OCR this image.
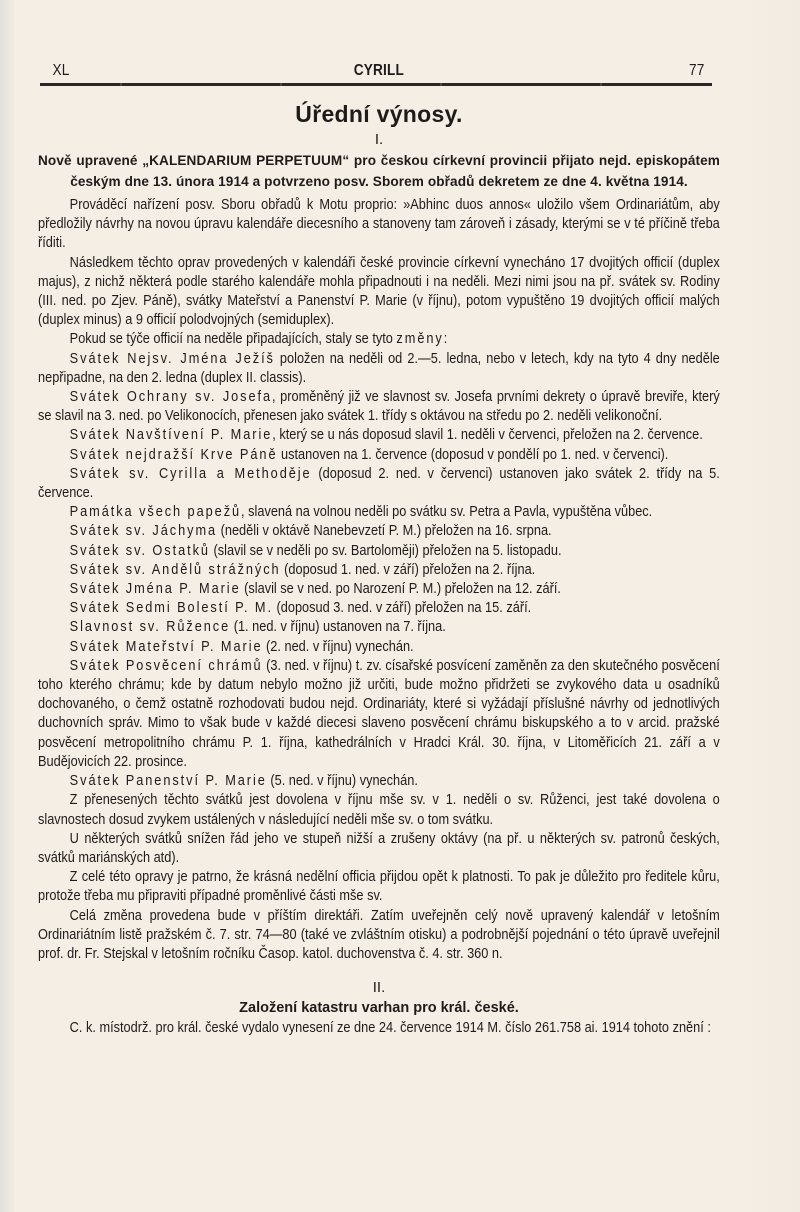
XL	CYRILL	77
Úřední výnosy.
I.
Nově upravené „KALENDARIUM PERPETUUM“ pro českou církevní provincii přijato nejd. episkopátem českým dne 13. února 1914 a potvrzeno posv. Sborem obřadů dekretem ze dne 4. května 1914.

Prováděcí nařízení posv. Sboru obřadů k Motu proprio: »Abhinc duos annos« uložilo všem Ordinariátům, aby předložily návrhy na novou úpravu kalendáře diecesního a stanoveny tam zároveň i zásady, kterými se v té příčině třeba říditi.

Následkem těchto oprav provedených v kalendáři české provincie církevní vynecháno 17 dvojitých officií (duplex majus), z nichž některá podle starého kalendáře mohla připadnouti i na neděli. Mezi nimi jsou na př. svátek sv. Rodiny (III. ned. po Zjev. Páně), svátky Mateřství a Panenství P. Marie (v říjnu), potom vypuštěno 19 dvojitých officií malých (duplex minus) a 9 officií polodvojných (semiduplex).

Pokud se týče officií na neděle připadajících, staly se tyto změny:

Svátek Nejsv. Jména Ježíš položen na neděli od 2.—5. ledna, nebo v letech, kdy na tyto 4 dny neděle nepřipadne, na den 2. ledna (duplex II. classis).

Svátek Ochrany sv. Josefa, proměněný již ve slavnost sv. Josefa prvními dekrety o úpravě breviře, který se slavil na 3. ned. po Velikonocích, přenesen jako svátek 1. třídy s oktávou na středu po 2. neděli velikonoční.

Svátek Navštívení P. Marie, který se u nás doposud slavil 1. neděli v červenci, přeložen na 2. července.

Svátek nejdražší Krve Páně ustanoven na 1. července (doposud v pondělí po 1. ned. v červenci).

Svátek sv. Cyrilla a Methoděje (doposud 2. ned. v červenci) ustanoven jako svátek 2. třídy na 5. července.

Památka všech papežů, slavená na volnou neděli po svátku sv. Petra a Pavla, vypuštěna vůbec.

Svátek sv. Jáchyma (neděli v oktávě Nanebevzetí P. M.) přeložen na 16. srpna.

Svátek sv. Ostatků (slavil se v neděli po sv. Bartoloměji) přeložen na 5. listopadu.

Svátek sv. Andělů strážných (doposud 1. ned. v září) přeložen na 2. října.

Svátek Jména P. Marie (slavil se v ned. po Narození P. M.) přeložen na 12. září.

Svátek Sedmi Bolestí P. M. (doposud 3. ned. v září) přeložen na 15. září.

Slavnost sv. Růžence (1. ned. v říjnu) ustanoven na 7. října.

Svátek Mateřství P. Marie (2. ned. v říjnu) vynechán.

Svátek Posvěcení chrámů (3. ned. v říjnu) t. zv. císařské posvícení zaměněn za den skutečného posvěcení toho kterého chrámu; kde by datum nebylo možno již určiti, bude možno přidržeti se zvykového data u osadníků dochovaného, o čemž ostatně rozhodovati budou nejd. Ordinariáty, které si vyžádají příslušné návrhy od jednotlivých duchovních správ. Mimo to však bude v každé diecesi slaveno posvěcení chrámu biskupského a to v arcid. pražské posvěcení metropolitního chrámu P. 1. října, kathedrálních v Hradci Král. 30. října, v Litoměřicích 21. září a v Budějovicích 22. prosince.

Svátek Panenství P. Marie (5. ned. v říjnu) vynechán.

Z přenesených těchto svátků jest dovolena v říjnu mše sv. v 1. neděli o sv. Růženci, jest také dovolena o slavnostech dosud zvykem ustálených v následující neděli mše sv. o tom svátku.

U některých svátků snížen řád jeho ve stupeň nižší a zrušeny oktávy (na př. u některých sv. patronů českých, svátků mariánských atd).

Z celé této opravy je patrno, že krásná nedělní officia přijdou opět k platnosti. To pak je důležito pro ředitele kůru, protože třeba mu připraviti případné proměnlivé části mše sv.

Celá změna provedena bude v příštím direktáři. Zatím uveřejněn celý nově upravený kalendář v letošním Ordinariátním listě pražském č. 7. str. 74—80 (také ve zvláštním otisku) a podrobnější pojednání o této úpravě uveřejnil prof. dr. Fr. Stejskal v letošním ročníku Časop. katol. duchovenstva č. 4. str. 360 n.

II.
Založení katastru varhan pro král. české.

C. k. místodrž. pro král. české vydalo vynesení ze dne 24. července 1914 M. číslo 261.758 ai. 1914 tohoto znění :
